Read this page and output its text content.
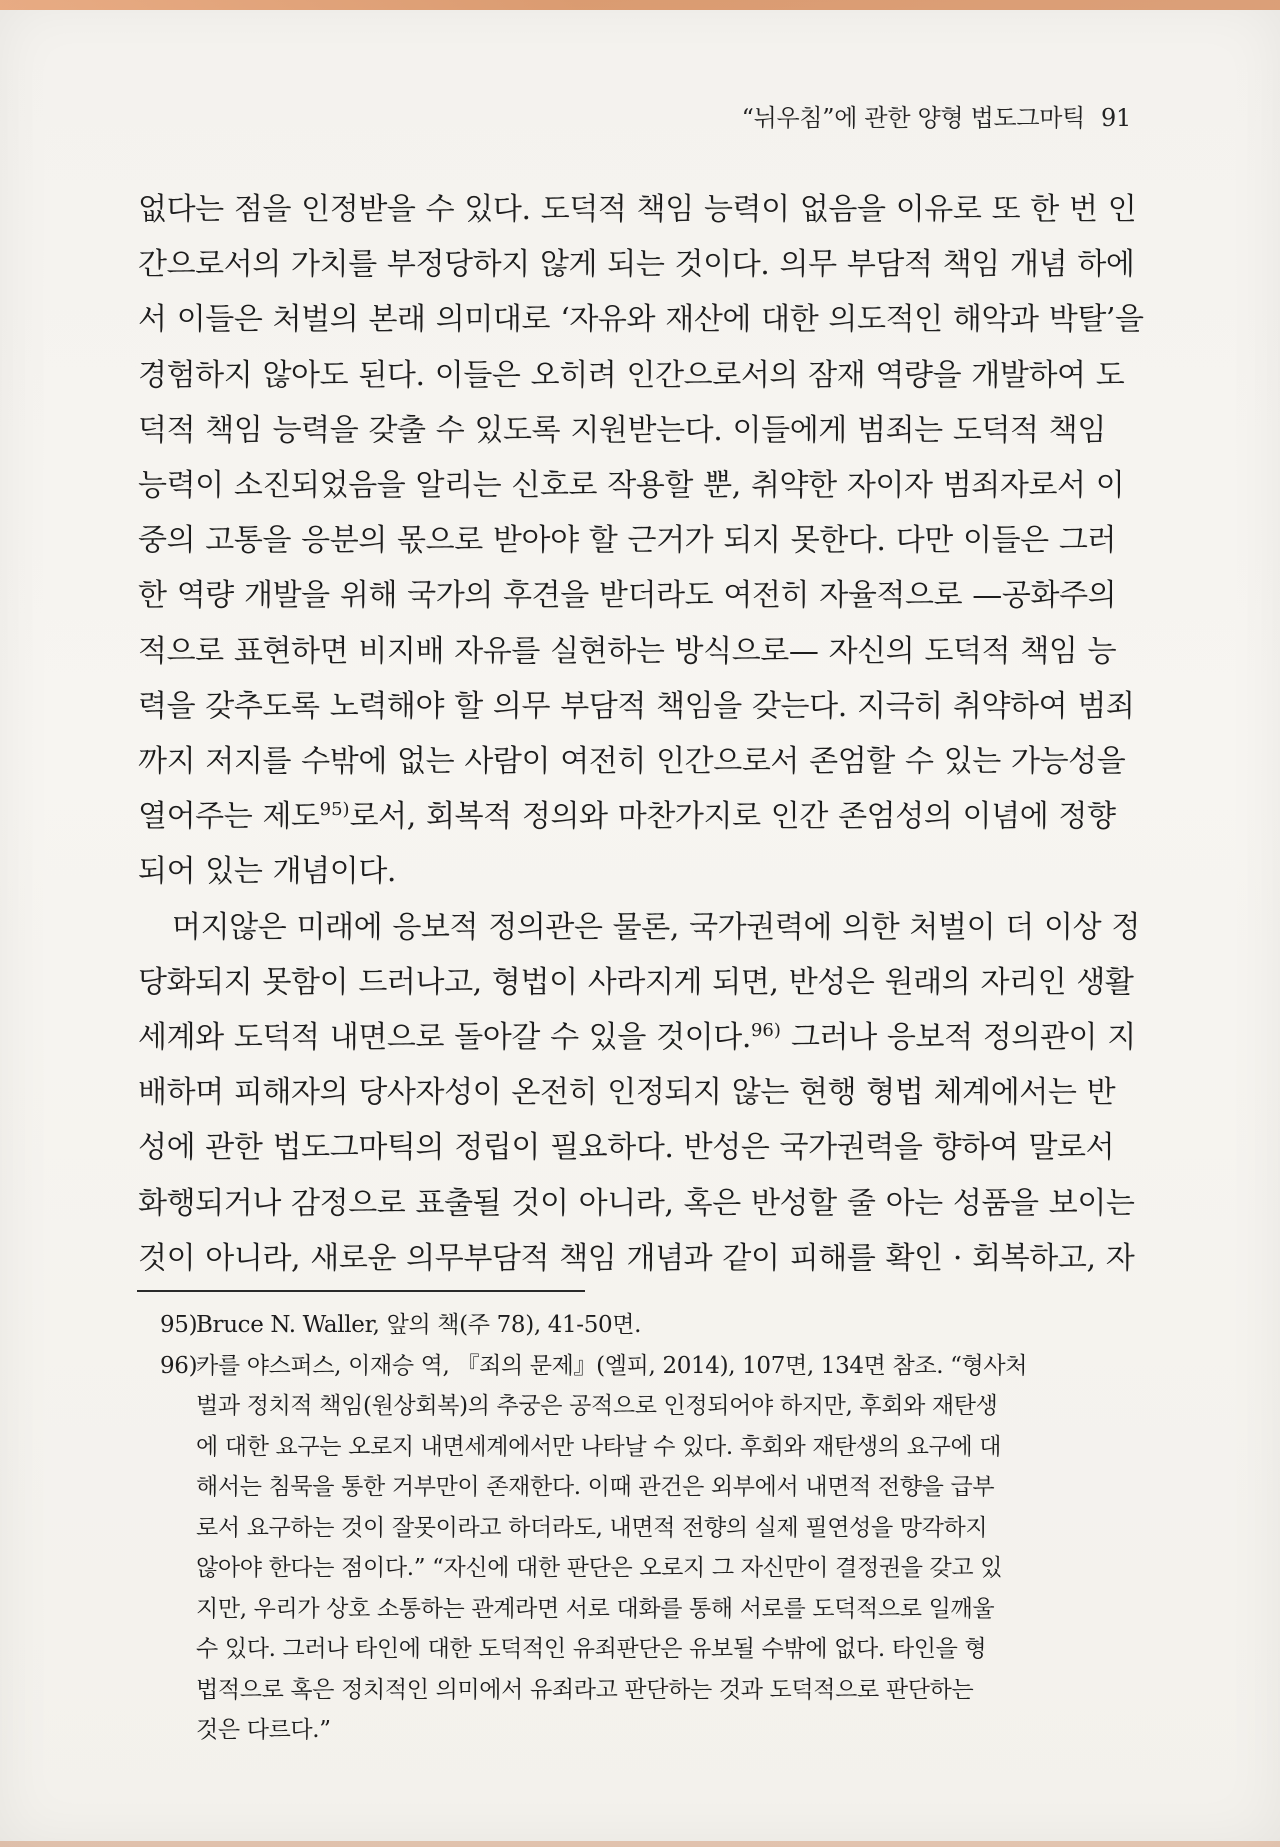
“뉘우침”에 관한 양형 법도그마틱 91
없다는 점을 인정받을 수 있다. 도덕적 책임 능력이 없음을 이유로 또 한 번 인
간으로서의 가치를 부정당하지 않게 되는 것이다. 의무 부담적 책임 개념 하에
서 이들은 처벌의 본래 의미대로 ‘자유와 재산에 대한 의도적인 해악과 박탈’을
경험하지 않아도 된다. 이들은 오히려 인간으로서의 잠재 역량을 개발하여 도
덕적 책임 능력을 갖출 수 있도록 지원받는다. 이들에게 범죄는 도덕적 책임
능력이 소진되었음을 알리는 신호로 작용할 뿐, 취약한 자이자 범죄자로서 이
중의 고통을 응분의 몫으로 받아야 할 근거가 되지 못한다. 다만 이들은 그러
한 역량 개발을 위해 국가의 후견을 받더라도 여전히 자율적으로 —공화주의
적으로 표현하면 비지배 자유를 실현하는 방식으로— 자신의 도덕적 책임 능
력을 갖추도록 노력해야 할 의무 부담적 책임을 갖는다. 지극히 취약하여 범죄
까지 저지를 수밖에 없는 사람이 여전히 인간으로서 존엄할 수 있는 가능성을
열어주는 제도$^{95)}$로서, 회복적 정의와 마찬가지로 인간 존엄성의 이념에 정향
되어 있는 개념이다.
머지않은 미래에 응보적 정의관은 물론, 국가권력에 의한 처벌이 더 이상 정
당화되지 못함이 드러나고, 형법이 사라지게 되면, 반성은 원래의 자리인 생활
세계와 도덕적 내면으로 돌아갈 수 있을 것이다.$^{96)}$ 그러나 응보적 정의관이 지
배하며 피해자의 당사자성이 온전히 인정되지 않는 현행 형법 체계에서는 반
성에 관한 법도그마틱의 정립이 필요하다. 반성은 국가권력을 향하여 말로서
화행되거나 감정으로 표출될 것이 아니라, 혹은 반성할 줄 아는 성품을 보이는
것이 아니라, 새로운 의무부담적 책임 개념과 같이 피해를 확인 · 회복하고, 자
95)Bruce N. Waller, 앞의 책(주 78), 41-50면.
96)카를 야스퍼스, 이재승 역, 『죄의 문제』(엘피, 2014), 107면, 134면 참조. “형사처
벌과 정치적 책임(원상회복)의 추궁은 공적으로 인정되어야 하지만, 후회와 재탄생
에 대한 요구는 오로지 내면세계에서만 나타날 수 있다. 후회와 재탄생의 요구에 대
해서는 침묵을 통한 거부만이 존재한다. 이때 관건은 외부에서 내면적 전향을 급부
로서 요구하는 것이 잘못이라고 하더라도, 내면적 전향의 실제 필연성을 망각하지
않아야 한다는 점이다.” “자신에 대한 판단은 오로지 그 자신만이 결정권을 갖고 있
지만, 우리가 상호 소통하는 관계라면 서로 대화를 통해 서로를 도덕적으로 일깨울
수 있다. 그러나 타인에 대한 도덕적인 유죄판단은 유보될 수밖에 없다. 타인을 형
법적으로 혹은 정치적인 의미에서 유죄라고 판단하는 것과 도덕적으로 판단하는
것은 다르다.”
